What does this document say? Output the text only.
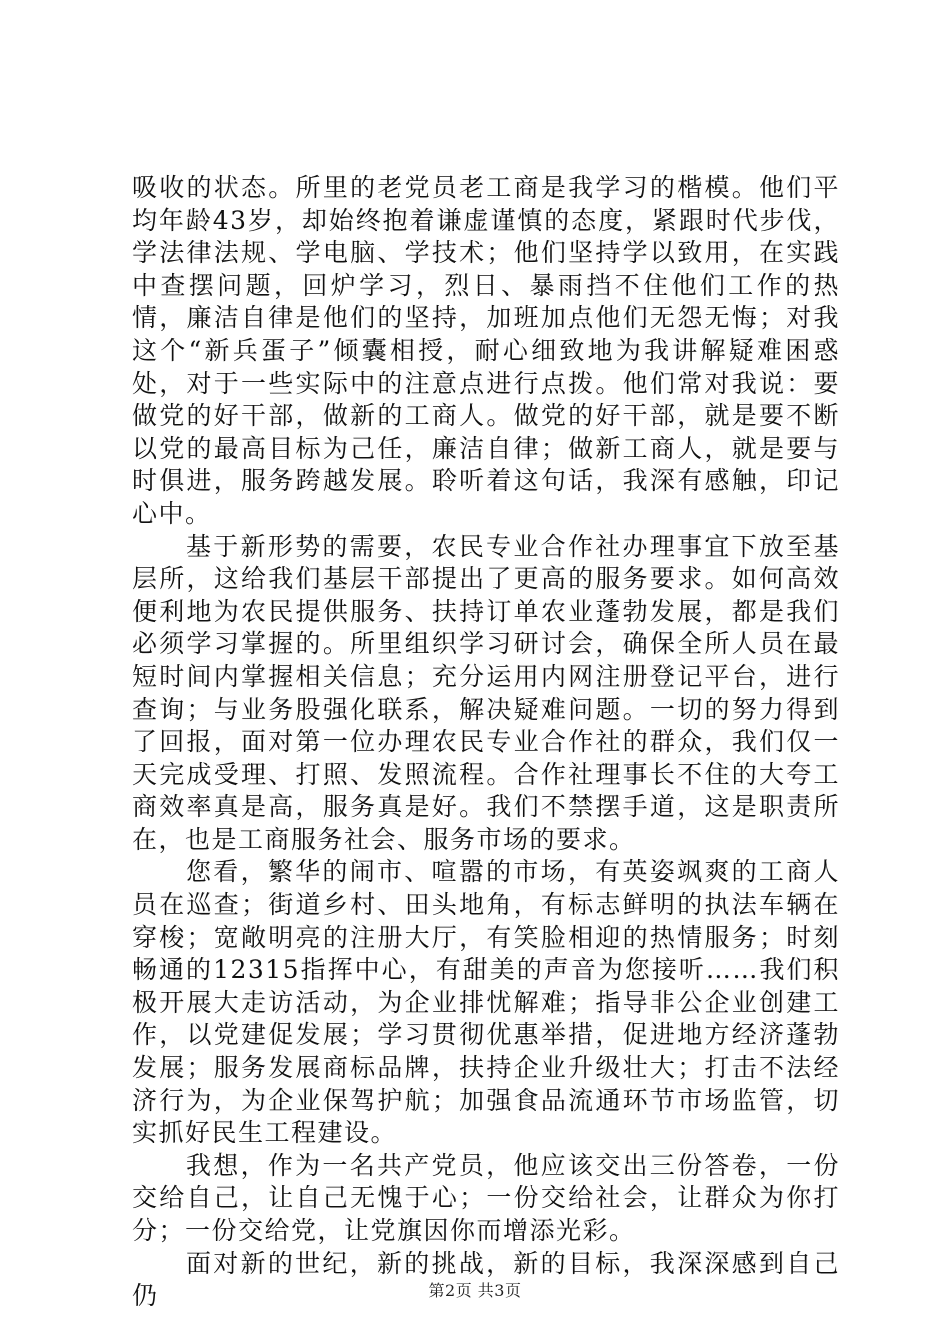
吸收的状态。所里的老党员老工商是我学习的楷模。他们平均年龄43岁，却始终抱着谦虚谨慎的态度，紧跟时代步伐，学法律法规、学电脑、学技术；他们坚持学以致用，在实践中查摆问题，回炉学习，烈日、暴雨挡不住他们工作的热情，廉洁自律是他们的坚持，加班加点他们无怨无悔；对我这个“新兵蛋子”倾囊相授，耐心细致地为我讲解疑难困惑处，对于一些实际中的注意点进行点拨。他们常对我说：要做党的好干部，做新的工商人。做党的好干部，就是要不断以党的最高目标为己任，廉洁自律；做新工商人，就是要与时俱进，服务跨越发展。聆听着这句话，我深有感触，印记心中。

基于新形势的需要，农民专业合作社办理事宜下放至基层所，这给我们基层干部提出了更高的服务要求。如何高效便利地为农民提供服务、扶持订单农业蓬勃发展，都是我们必须学习掌握的。所里组织学习研讨会，确保全所人员在最短时间内掌握相关信息；充分运用内网注册登记平台，进行查询；与业务股强化联系，解决疑难问题。一切的努力得到了回报，面对第一位办理农民专业合作社的群众，我们仅一天完成受理、打照、发照流程。合作社理事长不住的大夸工商效率真是高，服务真是好。我们不禁摆手道，这是职责所在，也是工商服务社会、服务市场的要求。

您看，繁华的闹市、喧嚣的市场，有英姿飒爽的工商人员在巡查；街道乡村、田头地角，有标志鲜明的执法车辆在穿梭；宽敞明亮的注册大厅，有笑脸相迎的热情服务；时刻畅通的12315指挥中心，有甜美的声音为您接听……我们积极开展大走访活动，为企业排忧解难；指导非公企业创建工作，以党建促发展；学习贯彻优惠举措，促进地方经济蓬勃发展；服务发展商标品牌，扶持企业升级壮大；打击不法经济行为，为企业保驾护航；加强食品流通环节市场监管，切实抓好民生工程建设。

我想，作为一名共产党员，他应该交出三份答卷，一份交给自己，让自己无愧于心；一份交给社会，让群众为你打分；一份交给党，让党旗因你而增添光彩。

面对新的世纪，新的挑战，新的目标，我深深感到自己仍	第2页 共3页
